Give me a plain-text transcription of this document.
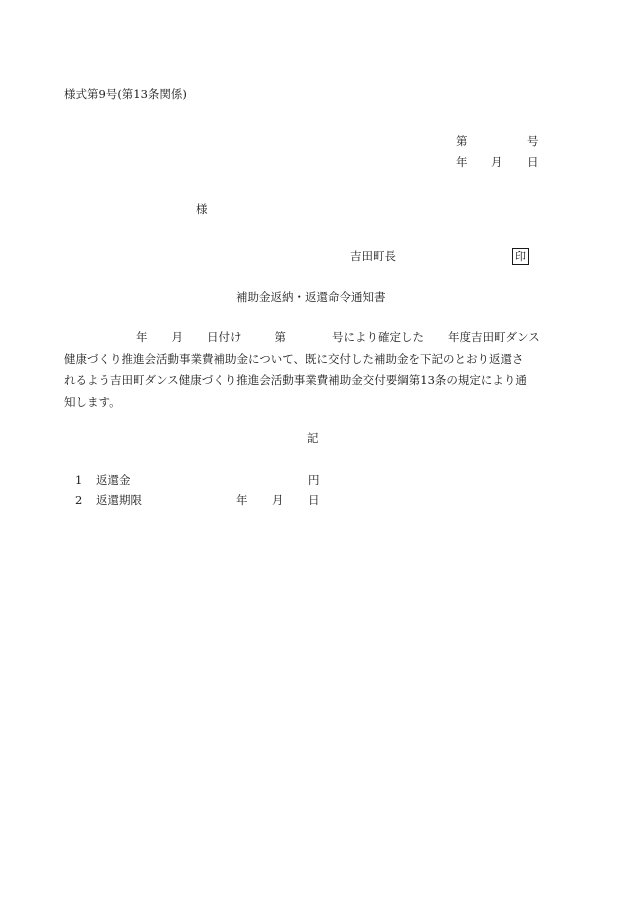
様式第9号(第13条関係)
第	号
年 月 日
様
吉田町長	印
補助金返納・返還命令通知書
年 月 日付け	第	号により確定した 年度吉田町ダンス
健康づくり推進会活動事業費補助金について、既に交付した補助金を下記のとおり返還さ
れるよう吉田町ダンス健康づくり推進会活動事業費補助金交付要綱第13条の規定により通
知します。
記
1 返還金	円
2 返還期限	年 月 日
